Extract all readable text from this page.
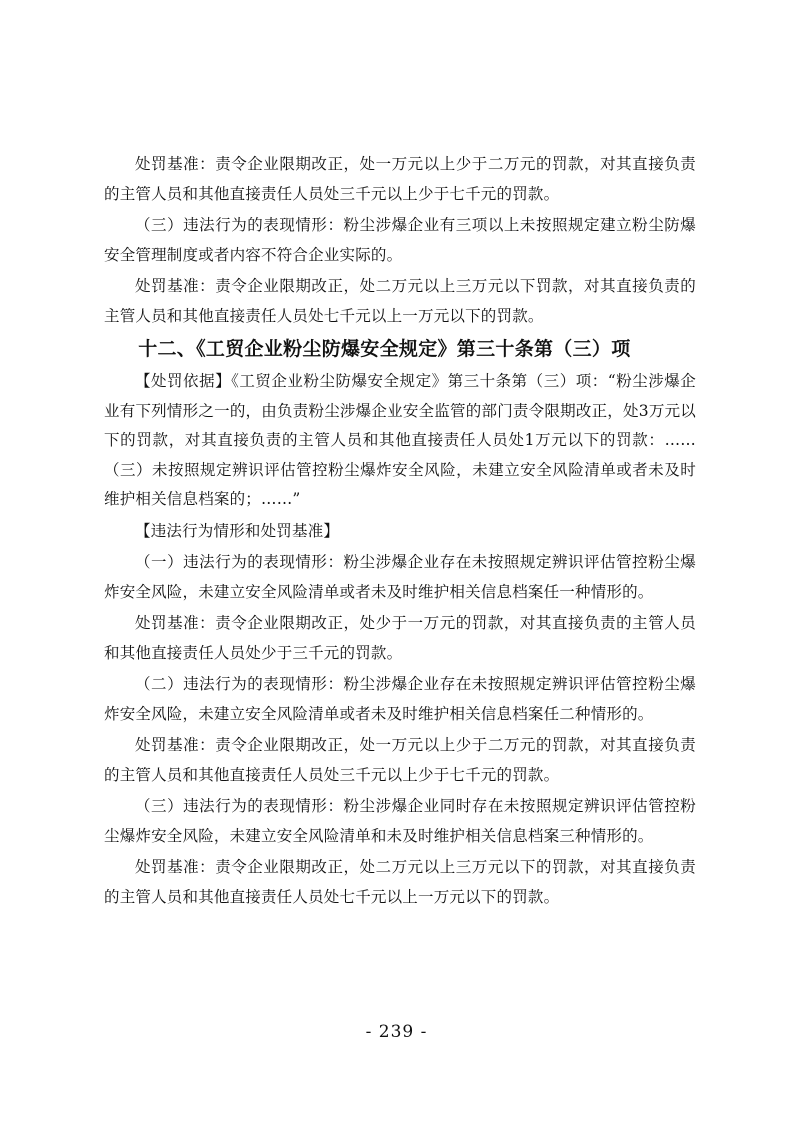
处罚基准：责令企业限期改正，处一万元以上少于二万元的罚款，对其直接负责的主管人员和其他直接责任人员处三千元以上少于七千元的罚款。

（三）违法行为的表现情形：粉尘涉爆企业有三项以上未按照规定建立粉尘防爆安全管理制度或者内容不符合企业实际的。

处罚基准：责令企业限期改正，处二万元以上三万元以下罚款，对其直接负责的主管人员和其他直接责任人员处七千元以上一万元以下的罚款。

十二、《工贸企业粉尘防爆安全规定》第三十条第（三）项

【处罚依据】《工贸企业粉尘防爆安全规定》第三十条第（三）项：“粉尘涉爆企业有下列情形之一的，由负责粉尘涉爆企业安全监管的部门责令限期改正，处3万元以下的罚款，对其直接负责的主管人员和其他直接责任人员处1万元以下的罚款：……（三）未按照规定辨识评估管控粉尘爆炸安全风险，未建立安全风险清单或者未及时维护相关信息档案的；……”

【违法行为情形和处罚基准】

（一）违法行为的表现情形：粉尘涉爆企业存在未按照规定辨识评估管控粉尘爆炸安全风险，未建立安全风险清单或者未及时维护相关信息档案任一种情形的。

处罚基准：责令企业限期改正，处少于一万元的罚款，对其直接负责的主管人员和其他直接责任人员处少于三千元的罚款。

（二）违法行为的表现情形：粉尘涉爆企业存在未按照规定辨识评估管控粉尘爆炸安全风险，未建立安全风险清单或者未及时维护相关信息档案任二种情形的。

处罚基准：责令企业限期改正，处一万元以上少于二万元的罚款，对其直接负责的主管人员和其他直接责任人员处三千元以上少于七千元的罚款。

（三）违法行为的表现情形：粉尘涉爆企业同时存在未按照规定辨识评估管控粉尘爆炸安全风险，未建立安全风险清单和未及时维护相关信息档案三种情形的。

处罚基准：责令企业限期改正，处二万元以上三万元以下的罚款，对其直接负责的主管人员和其他直接责任人员处七千元以上一万元以下的罚款。

- 239 -
